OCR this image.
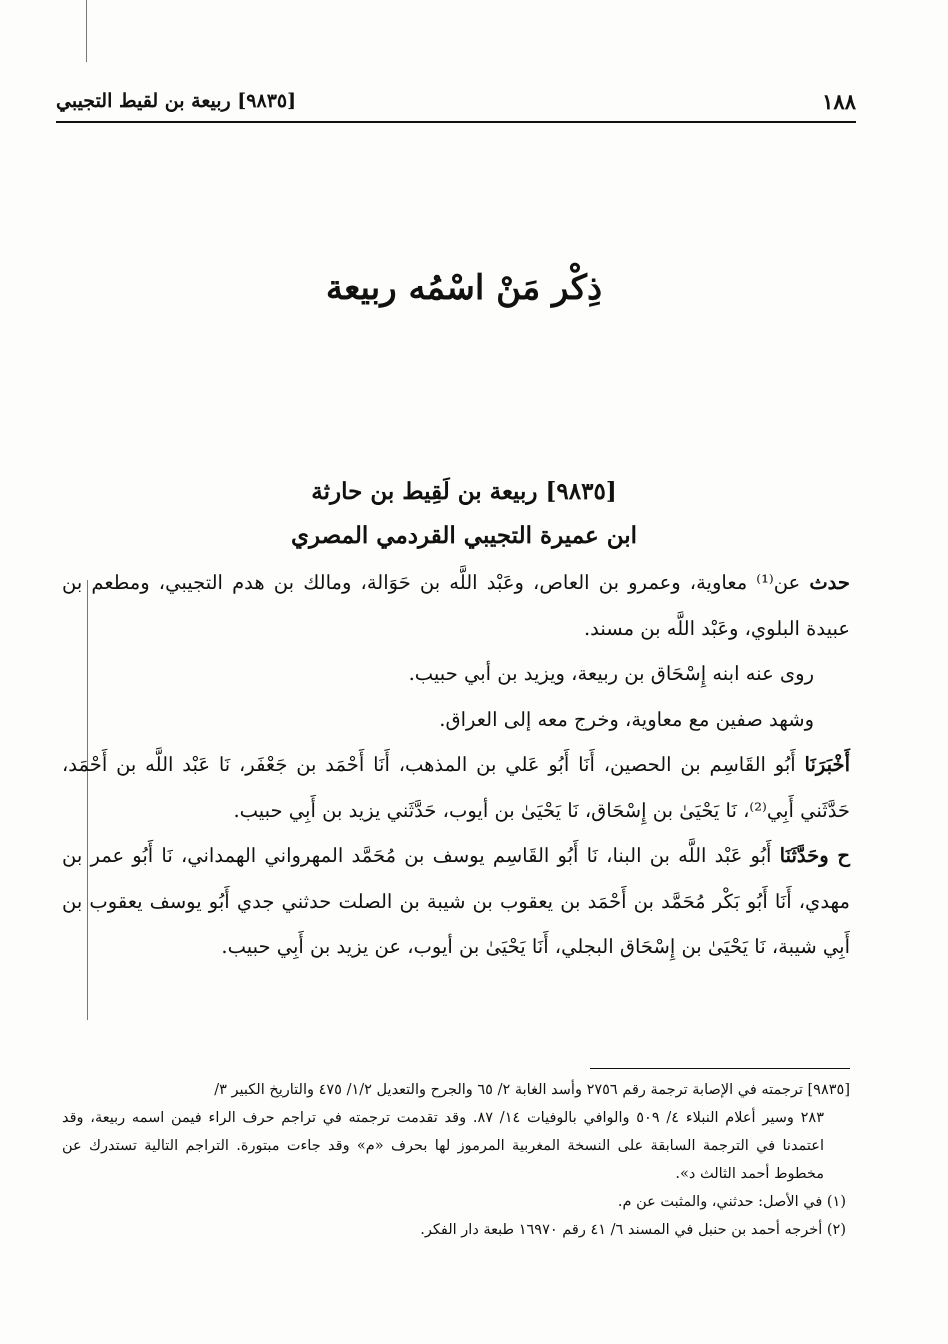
[٩٨٣٥] ربيعة بن لقيط التجيبي	١٨٨
ذِكْر مَنْ اسْمُه ربيعة
[٩٨٣٥] ربيعة بن لَقِيط بن حارثة
ابن عميرة التجيبي القردمي المصري

حدث عن⁽¹⁾ معاوية، وعمرو بن العاص، وعَبْد اللَّه بن حَوَالة، ومالك بن هدم التجيبي، ومطعم بن عبيدة البلوي، وعَبْد اللَّه بن مسند.

روى عنه ابنه إِسْحَاق بن ربيعة، ويزيد بن أبي حبيب.

وشهد صفين مع معاوية، وخرج معه إلى العراق.

أَخْبَرَنَا أَبُو القَاسِم بن الحصين، أَنَا أَبُو عَلي بن المذهب، أَنَا أَحْمَد بن جَعْفَر، نَا عَبْد اللَّه بن أَحْمَد، حَدَّثَني أَبِي⁽²⁾، نَا يَحْيَىٰ بن إِسْحَاق، نَا يَحْيَىٰ بن أيوب، حَدَّثَني يزيد بن أَبِي حبيب.

ح وحَدَّثَنَا أَبُو عَبْد اللَّه بن البنا، نَا أَبُو القَاسِم يوسف بن مُحَمَّد المهرواني الهمداني، نَا أَبُو عمر بن مهدي، أَنَا أَبُو بَكْر مُحَمَّد بن أَحْمَد بن يعقوب بن شيبة بن الصلت حدثني جدي أَبُو يوسف يعقوب بن أَبِي شيبة، نَا يَحْيَىٰ بن إِسْحَاق البجلي، أَنَا يَحْيَىٰ بن أيوب، عن يزيد بن أَبِي حبيب.

[٩٨٣٥] ترجمته في الإصابة ترجمة رقم ٢٧٥٦ وأسد الغابة ٢/ ٦٥ والجرح والتعديل ١/٢/ ٤٧٥ والتاريخ الكبير ٣/

٢٨٣ وسير أعلام النبلاء ٤/ ٥٠٩ والوافي بالوفيات ١٤/ ٨٧. وقد تقدمت ترجمته في تراجم حرف الراء فيمن اسمه ربيعة، وقد اعتمدنا في الترجمة السابقة على النسخة المغربية المرموز لها بحرف «م» وقد جاءت مبتورة. التراجم التالية تستدرك عن مخطوط أحمد الثالث د».

(١) في الأصل: حدثني، والمثبت عن م.

(٢) أخرجه أحمد بن حنبل في المسند ٦/ ٤١ رقم ١٦٩٧٠ طبعة دار الفكر.
